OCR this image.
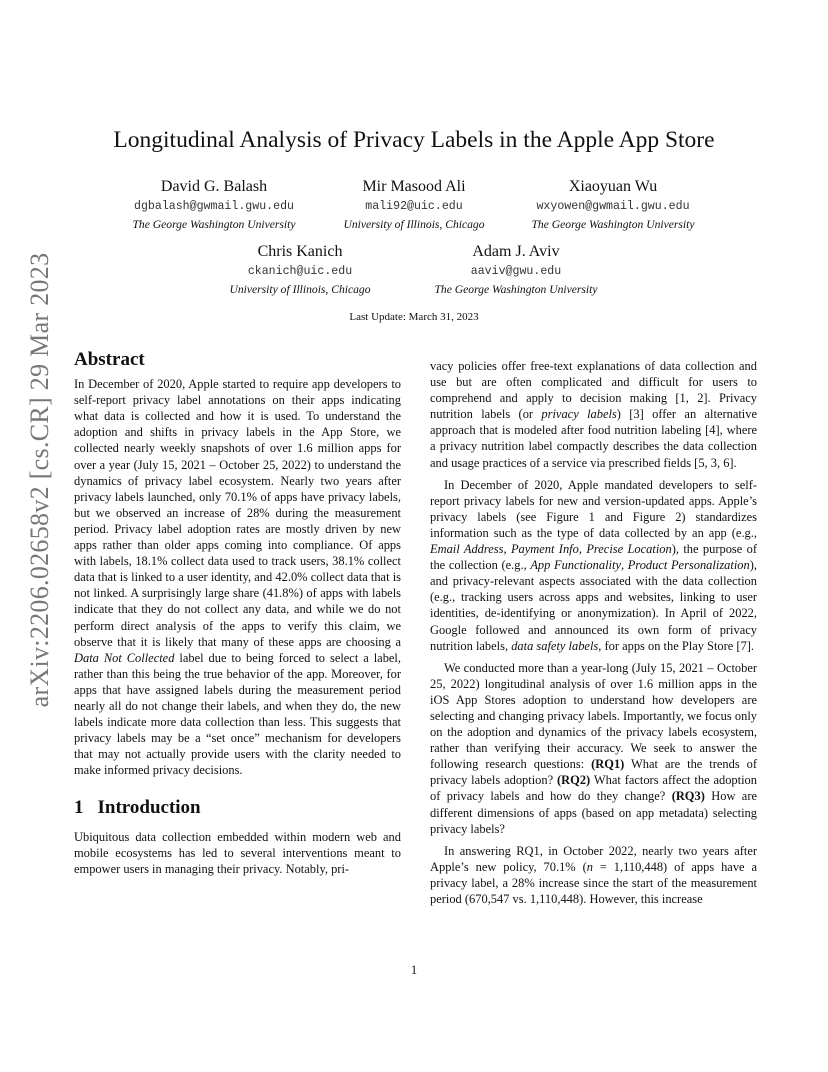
arXiv:2206.02658v2 [cs.CR] 29 Mar 2023
Longitudinal Analysis of Privacy Labels in the Apple App Store
David G. Balash
dgbalash@gwmail.gwu.edu
The George Washington University
Mir Masood Ali
mali92@uic.edu
University of Illinois, Chicago
Xiaoyuan Wu
wxyowen@gwmail.gwu.edu
The George Washington University
Chris Kanich
ckanich@uic.edu
University of Illinois, Chicago
Adam J. Aviv
aaviv@gwu.edu
The George Washington University
Last Update: March 31, 2023
Abstract

In December of 2020, Apple started to require app developers to self-report privacy label annotations on their apps indicating what data is collected and how it is used. To understand the adoption and shifts in privacy labels in the App Store, we collected nearly weekly snapshots of over 1.6 million apps for over a year (July 15, 2021 – October 25, 2022) to understand the dynamics of privacy label ecosystem. Nearly two years after privacy labels launched, only 70.1% of apps have privacy labels, but we observed an increase of 28% during the measurement period. Privacy label adoption rates are mostly driven by new apps rather than older apps coming into compliance. Of apps with labels, 18.1% collect data used to track users, 38.1% collect data that is linked to a user identity, and 42.0% collect data that is not linked. A surprisingly large share (41.8%) of apps with labels indicate that they do not collect any data, and while we do not perform direct analysis of the apps to verify this claim, we observe that it is likely that many of these apps are choosing a Data Not Collected label due to being forced to select a label, rather than this being the true behavior of the app. Moreover, for apps that have assigned labels during the measurement period nearly all do not change their labels, and when they do, the new labels indicate more data collection than less. This suggests that privacy labels may be a “set once” mechanism for developers that may not actually provide users with the clarity needed to make informed privacy decisions.

1 Introduction

Ubiquitous data collection embedded within modern web and mobile ecosystems has led to several interventions meant to empower users in managing their privacy. Notably, pri-

vacy policies offer free-text explanations of data collection and use but are often complicated and difficult for users to comprehend and apply to decision making [1, 2]. Privacy nutrition labels (or privacy labels) [3] offer an alternative approach that is modeled after food nutrition labeling [4], where a privacy nutrition label compactly describes the data collection and usage practices of a service via prescribed fields [5, 3, 6].

In December of 2020, Apple mandated developers to self-report privacy labels for new and version-updated apps. Apple’s privacy labels (see Figure 1 and Figure 2) standardizes information such as the type of data collected by an app (e.g., Email Address, Payment Info, Precise Location), the purpose of the collection (e.g., App Functionality, Product Personalization), and privacy-relevant aspects associated with the data collection (e.g., tracking users across apps and websites, linking to user identities, de-identifying or anonymization). In April of 2022, Google followed and announced its own form of privacy nutrition labels, data safety labels, for apps on the Play Store [7].

We conducted more than a year-long (July 15, 2021 – October 25, 2022) longitudinal analysis of over 1.6 million apps in the iOS App Stores adoption to understand how developers are selecting and changing privacy labels. Importantly, we focus only on the adoption and dynamics of the privacy labels ecosystem, rather than verifying their accuracy. We seek to answer the following research questions: (RQ1) What are the trends of privacy labels adoption? (RQ2) What factors affect the adoption of privacy labels and how do they change? (RQ3) How are different dimensions of apps (based on app metadata) selecting privacy labels?

In answering RQ1, in October 2022, nearly two years after Apple’s new policy, 70.1% (n = 1,110,448) of apps have a privacy label, a 28% increase since the start of the measurement period (670,547 vs. 1,110,448). However, this increase

1
